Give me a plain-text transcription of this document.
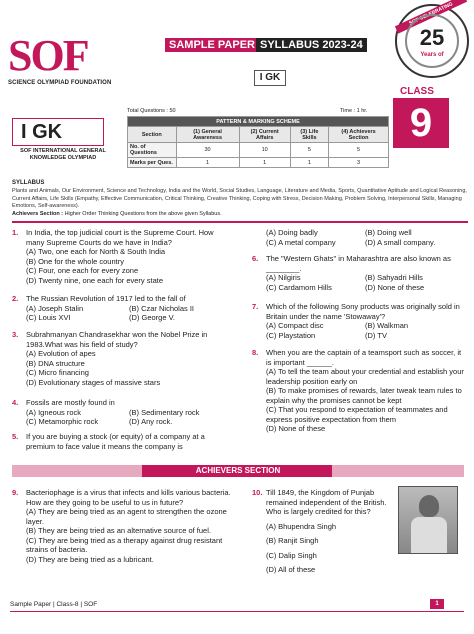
SOF
SCIENCE OLYMPIAD FOUNDATION
SAMPLE PAPER SYLLABUS 2023-24
I GK
SOF CELEBRATING
25
Years of
CLASS
9
I GK
SOF INTERNATIONAL GENERAL KNOWLEDGE OLYMPIAD
Total Questions : 50	Time : 1 hr.
PATTERN & MARKING SCHEME				
Section	(1) General Awareness	(2) Current Affairs	(3) Life Skills	(4) Achievers Section
No. of Questions	30	10	5	5
Marks per Ques.	1	1	1	3
SYLLABUS
Plants and Animals, Our Environment, Science and Technology, India and the World, Social Studies, Language, Literature and Media, Sports, Quantitative Aptitude and Logical Reasoning, Current Affairs, Life Skills (Empathy, Effective Communication, Critical Thinking, Creative Thinking, Coping with Stress, Decision Making, Problem Solving, Interpersonal Skills, Managing Emotions, Self-awareness).
Achievers Section : Higher Order Thinking Questions from the above given Syllabus.
1. In India, the top judicial court is the Supreme Court. How many Supreme Courts do we have in India?
(A) Two, one each for North & South India
(B) One for the whole country
(C) Four, one each for every zone
(D) Twenty nine, one each for every state
2. The Russian Revolution of 1917 led to the fall of
(A) Joseph Stalin	(B) Czar Nicholas II
(C) Louis XVI	(D) George V.
3. Subrahmanyan Chandrasekhar won the Nobel Prize in 1983.What was his field of study?
(A) Evolution of apes
(B) DNA structure
(C) Micro financing
(D) Evolutionary stages of massive stars
4. Fossils are mostly found in
(A) Igneous rock	(B) Sedimentary rock
(C) Metamorphic rock	(D) Any rock.
5. If you are buying a stock (or equity) of a company at a premium to face value it means the company is
(A) Doing badly	(B) Doing well
(C) A metal company	(D) A small company.
6. The "Western Ghats" in Maharashtra are also known as ________.
(A) Nilgiris	(B) Sahyadri Hills
(C) Cardamom Hills	(D) None of these
7. Which of the following Sony products was originally sold in Britain under the name 'Stowaway'?
(A) Compact disc	(B) Walkman
(C) Playstation	(D) TV
8. When you are the captain of a teamsport such as soccer, it is important ______.
(A) To tell the team about your credential and establish your leadership position early on
(B) To make promises of rewards, later tweak team rules to explain why the promises cannot be kept
(C) That you respond to expectation of teammates and express positive expectation from them
(D) None of these
ACHIEVERS SECTION
9. Bacteriophage is a virus that infects and kills various bacteria. How are they going to be useful to us in future?
(A) They are being tried as an agent to strengthen the ozone layer.
(B) They are being tried as an alternative source of fuel.
(C) They are being tried as a therapy against drug resistant strains of bacteria.
(D) They are being tried as a lubricant.
10. Till 1849, the Kingdom of Punjab remained independent of the British. Who is largely credited for this?
(A) Bhupendra Singh
(B) Ranjit Singh
(C) Dalip Singh
(D) All of these
Sample Paper | Class-8 | SOF	1
